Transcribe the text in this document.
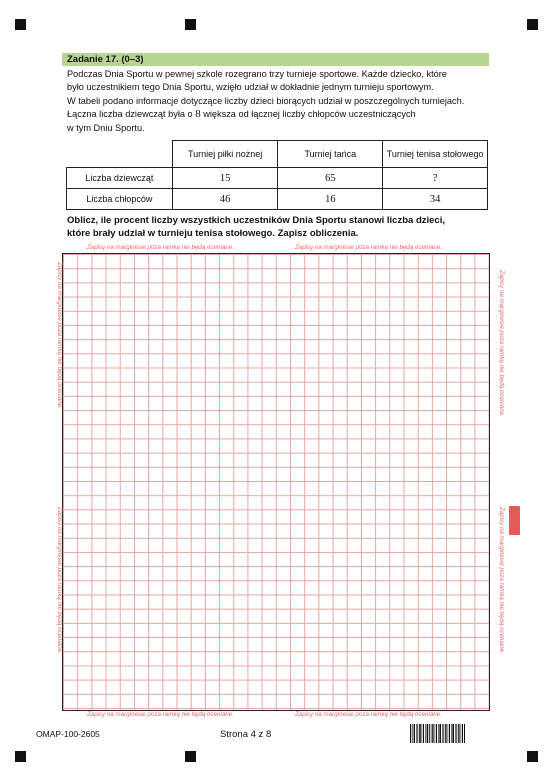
Zadanie 17. (0–3)

Podczas Dnia Sportu w pewnej szkole rozegrano trzy turnieje sportowe. Każde dziecko, które

było uczestnikiem tego Dnia Sportu, wzięło udział w dokładnie jednym turnieju sportowym.

W tabeli podano informacje dotyczące liczby dzieci biorących udział w poszczególnych turniejach.

Łączna liczba dziewcząt była o 8 większa od łącznej liczby chłopców uczestniczących

w tym Dniu Sportu.

	Turniej piłki nożnej	Turniej tańca	Turniej tenisa stołowego
Liczba dziewcząt	15	65	?
Liczba chłopców	46	16	34
Oblicz, ile procent liczby wszystkich uczestników Dnia Sportu stanowi liczba dzieci,
które brały udział w turnieju tenisa stołowego. Zapisz obliczenia.
Zapisy na marginesie poza ramką nie będą oceniane.	Zapisy na marginesie poza ramką nie będą oceniane.
Zapisy na marginesie poza ramką nie będą oceniane.
Zapisy na marginesie poza ramką nie będą oceniane.
Zapisy na marginesie poza ramką nie będą oceniane.
Zapisy na marginesie poza ramką nie będą oceniane.
Zapisy na marginesie poza ramką nie będą oceniane.	Zapisy na marginesie poza ramką nie będą oceniane.
OMAP-100-2605	Strona 4 z 8
